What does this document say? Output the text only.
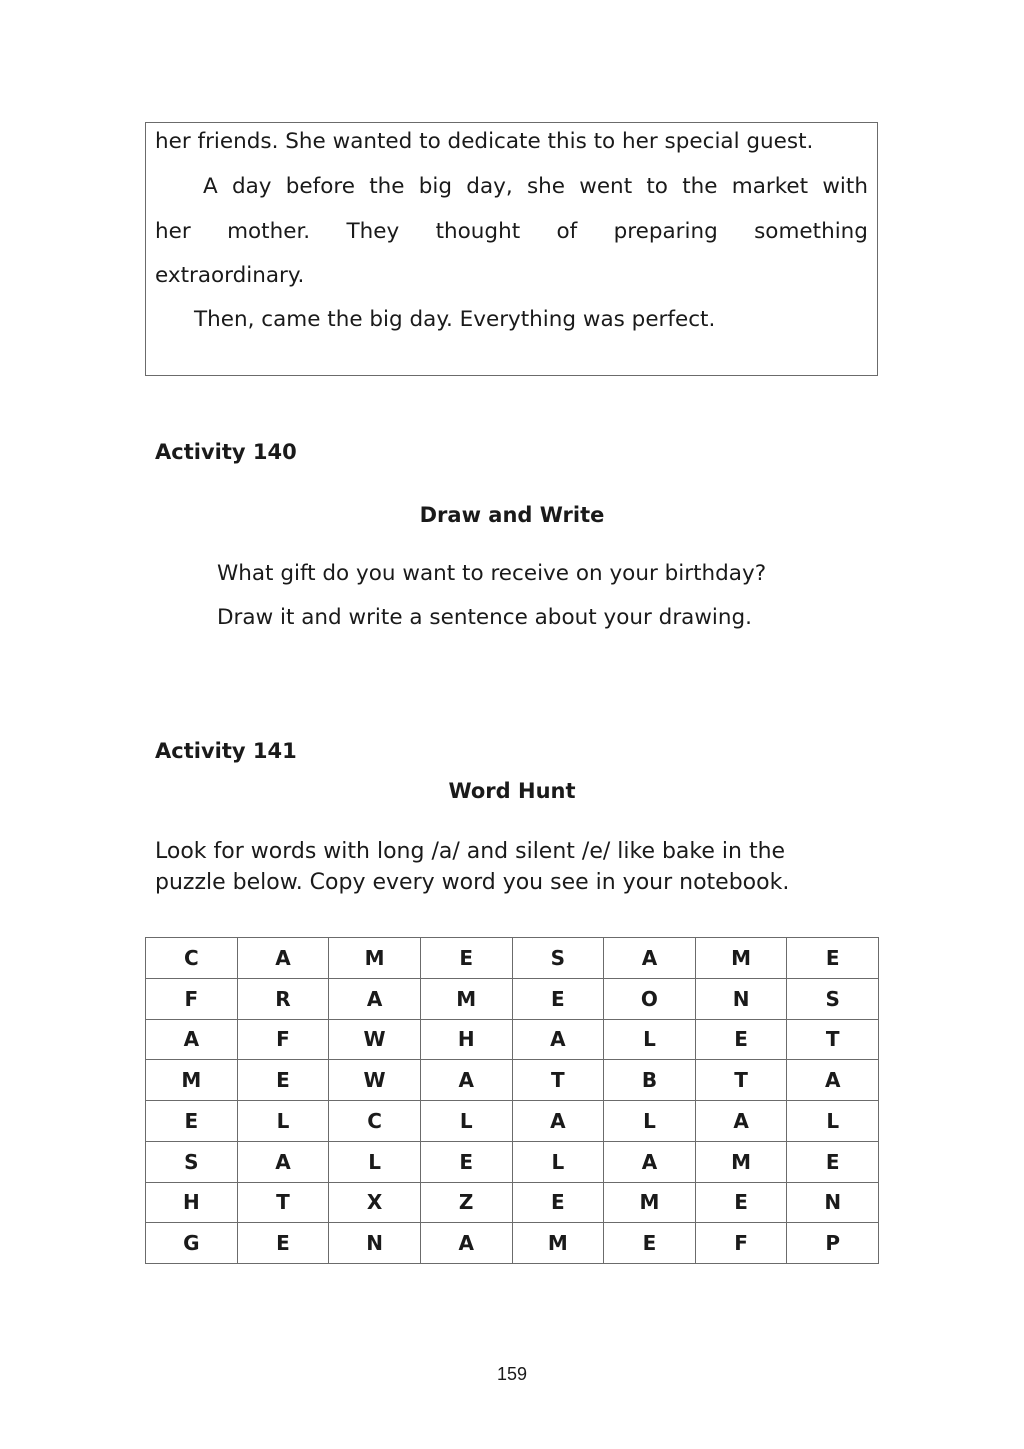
her friends. She wanted to dedicate this to her special guest.
A day before the big day, she went to the market with
her mother. They thought of preparing something
extraordinary.
Then, came the big day. Everything was perfect.
Activity 140
Draw and Write
What gift do you want to receive on your birthday?
Draw it and write a sentence about your drawing.
Activity 141
Word Hunt
Look for words with long /a/ and silent /e/ like bake in the
puzzle below. Copy every word you see in your notebook.
C	A	M	E	S	A	M	E
F	R	A	M	E	O	N	S
A	F	W	H	A	L	E	T
M	E	W	A	T	B	T	A
E	L	C	L	A	L	A	L
S	A	L	E	L	A	M	E
H	T	X	Z	E	M	E	N
G	E	N	A	M	E	F	P
159
